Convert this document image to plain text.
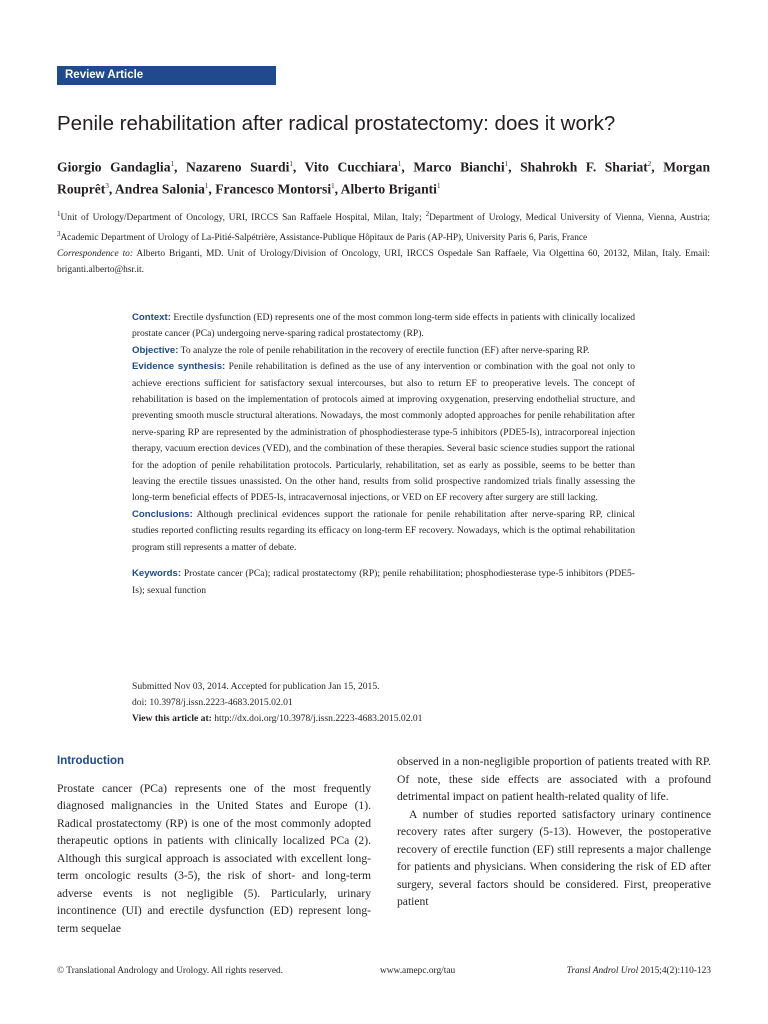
Review Article
Penile rehabilitation after radical prostatectomy: does it work?
Giorgio Gandaglia$^1$, Nazareno Suardi$^1$, Vito Cucchiara$^1$, Marco Bianchi$^1$, Shahrokh F. Shariat$^2$, Morgan Rouprêt$^3$, Andrea Salonia$^1$, Francesco Montorsi$^1$, Alberto Briganti$^1$
$^1$Unit of Urology/Department of Oncology, URI, IRCCS San Raffaele Hospital, Milan, Italy; $^2$Department of Urology, Medical University of Vienna, Vienna, Austria; $^3$Academic Department of Urology of La-Pitié-Salpétrière, Assistance-Publique Hôpitaux de Paris (AP-HP), University Paris 6, Paris, France
Correspondence to: Alberto Briganti, MD. Unit of Urology/Division of Oncology, URI, IRCCS Ospedale San Raffaele, Via Olgettina 60, 20132, Milan, Italy. Email: briganti.alberto@hsr.it.

Context: Erectile dysfunction (ED) represents one of the most common long-term side effects in patients with clinically localized prostate cancer (PCa) undergoing nerve-sparing radical prostatectomy (RP).

Objective: To analyze the role of penile rehabilitation in the recovery of erectile function (EF) after nerve-sparing RP.

Evidence synthesis: Penile rehabilitation is defined as the use of any intervention or combination with the goal not only to achieve erections sufficient for satisfactory sexual intercourses, but also to return EF to preoperative levels. The concept of rehabilitation is based on the implementation of protocols aimed at improving oxygenation, preserving endothelial structure, and preventing smooth muscle structural alterations. Nowadays, the most commonly adopted approaches for penile rehabilitation after nerve-sparing RP are represented by the administration of phosphodiesterase type-5 inhibitors (PDE5-Is), intracorporeal injection therapy, vacuum erection devices (VED), and the combination of these therapies. Several basic science studies support the rational for the adoption of penile rehabilitation protocols. Particularly, rehabilitation, set as early as possible, seems to be better than leaving the erectile tissues unassisted. On the other hand, results from solid prospective randomized trials finally assessing the long-term beneficial effects of PDE5-Is, intracavernosal injections, or VED on EF recovery after surgery are still lacking.

Conclusions: Although preclinical evidences support the rationale for penile rehabilitation after nerve-sparing RP, clinical studies reported conflicting results regarding its efficacy on long-term EF recovery. Nowadays, which is the optimal rehabilitation program still represents a matter of debate.

Keywords: Prostate cancer (PCa); radical prostatectomy (RP); penile rehabilitation; phosphodiesterase type-5 inhibitors (PDE5-Is); sexual function

Submitted Nov 03, 2014. Accepted for publication Jan 15, 2015.
doi: 10.3978/j.issn.2223-4683.2015.02.01
View this article at: http://dx.doi.org/10.3978/j.issn.2223-4683.2015.02.01
Introduction

Prostate cancer (PCa) represents one of the most frequently diagnosed malignancies in the United States and Europe (1). Radical prostatectomy (RP) is one of the most commonly adopted therapeutic options in patients with clinically localized PCa (2). Although this surgical approach is associated with excellent long-term oncologic results (3-5), the risk of short- and long-term adverse events is not negligible (5). Particularly, urinary incontinence (UI) and erectile dysfunction (ED) represent long-term sequelae

observed in a non-negligible proportion of patients treated with RP. Of note, these side effects are associated with a profound detrimental impact on patient health-related quality of life.

A number of studies reported satisfactory urinary continence recovery rates after surgery (5-13). However, the postoperative recovery of erectile function (EF) still represents a major challenge for patients and physicians. When considering the risk of ED after surgery, several factors should be considered. First, preoperative patient

© Translational Andrology and Urology. All rights reserved.	www.amepc.org/tau	Transl Androl Urol 2015;4(2):110-123
